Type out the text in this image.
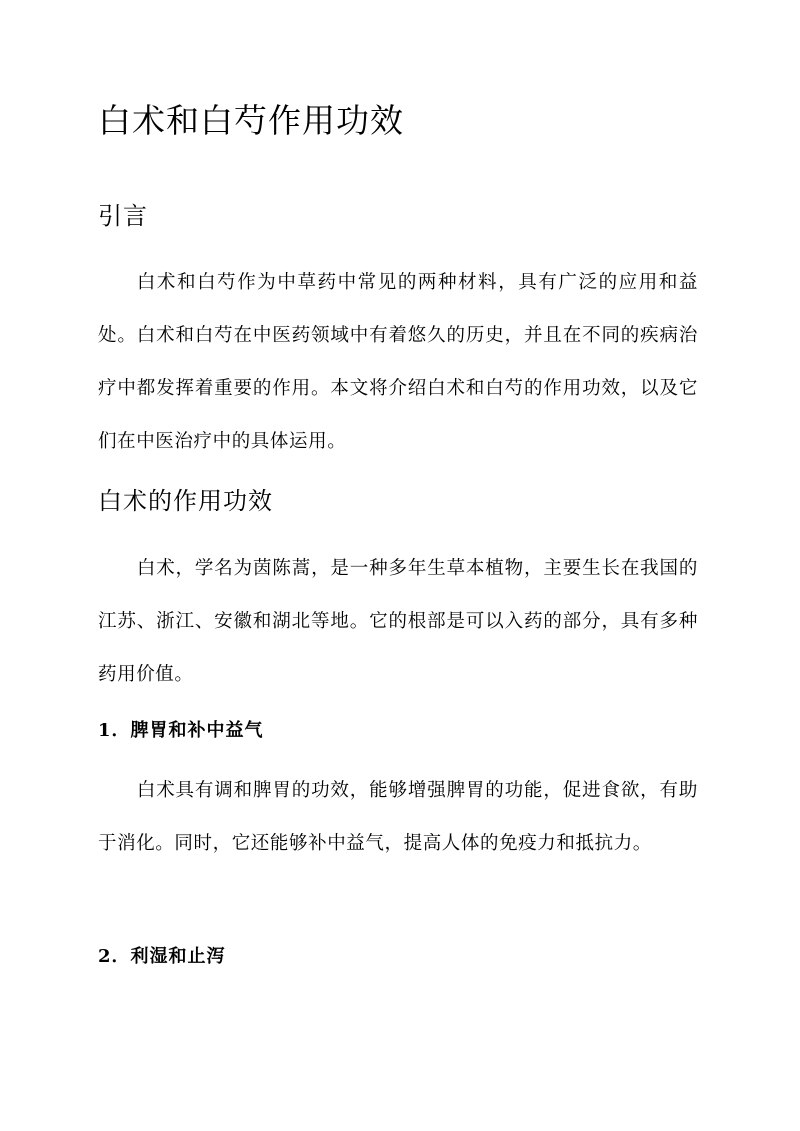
白术和白芍作用功效
引言

白术和白芍作为中草药中常见的两种材料，具有广泛的应用和益处。白术和白芍在中医药领域中有着悠久的历史，并且在不同的疾病治疗中都发挥着重要的作用。本文将介绍白术和白芍的作用功效，以及它们在中医治疗中的具体运用。

白术的作用功效

白术，学名为茵陈蒿，是一种多年生草本植物，主要生长在我国的江苏、浙江、安徽和湖北等地。它的根部是可以入药的部分，具有多种药用价值。

1．脾胃和补中益气

白术具有调和脾胃的功效，能够增强脾胃的功能，促进食欲，有助于消化。同时，它还能够补中益气，提高人体的免疫力和抵抗力。

2．利湿和止泻
